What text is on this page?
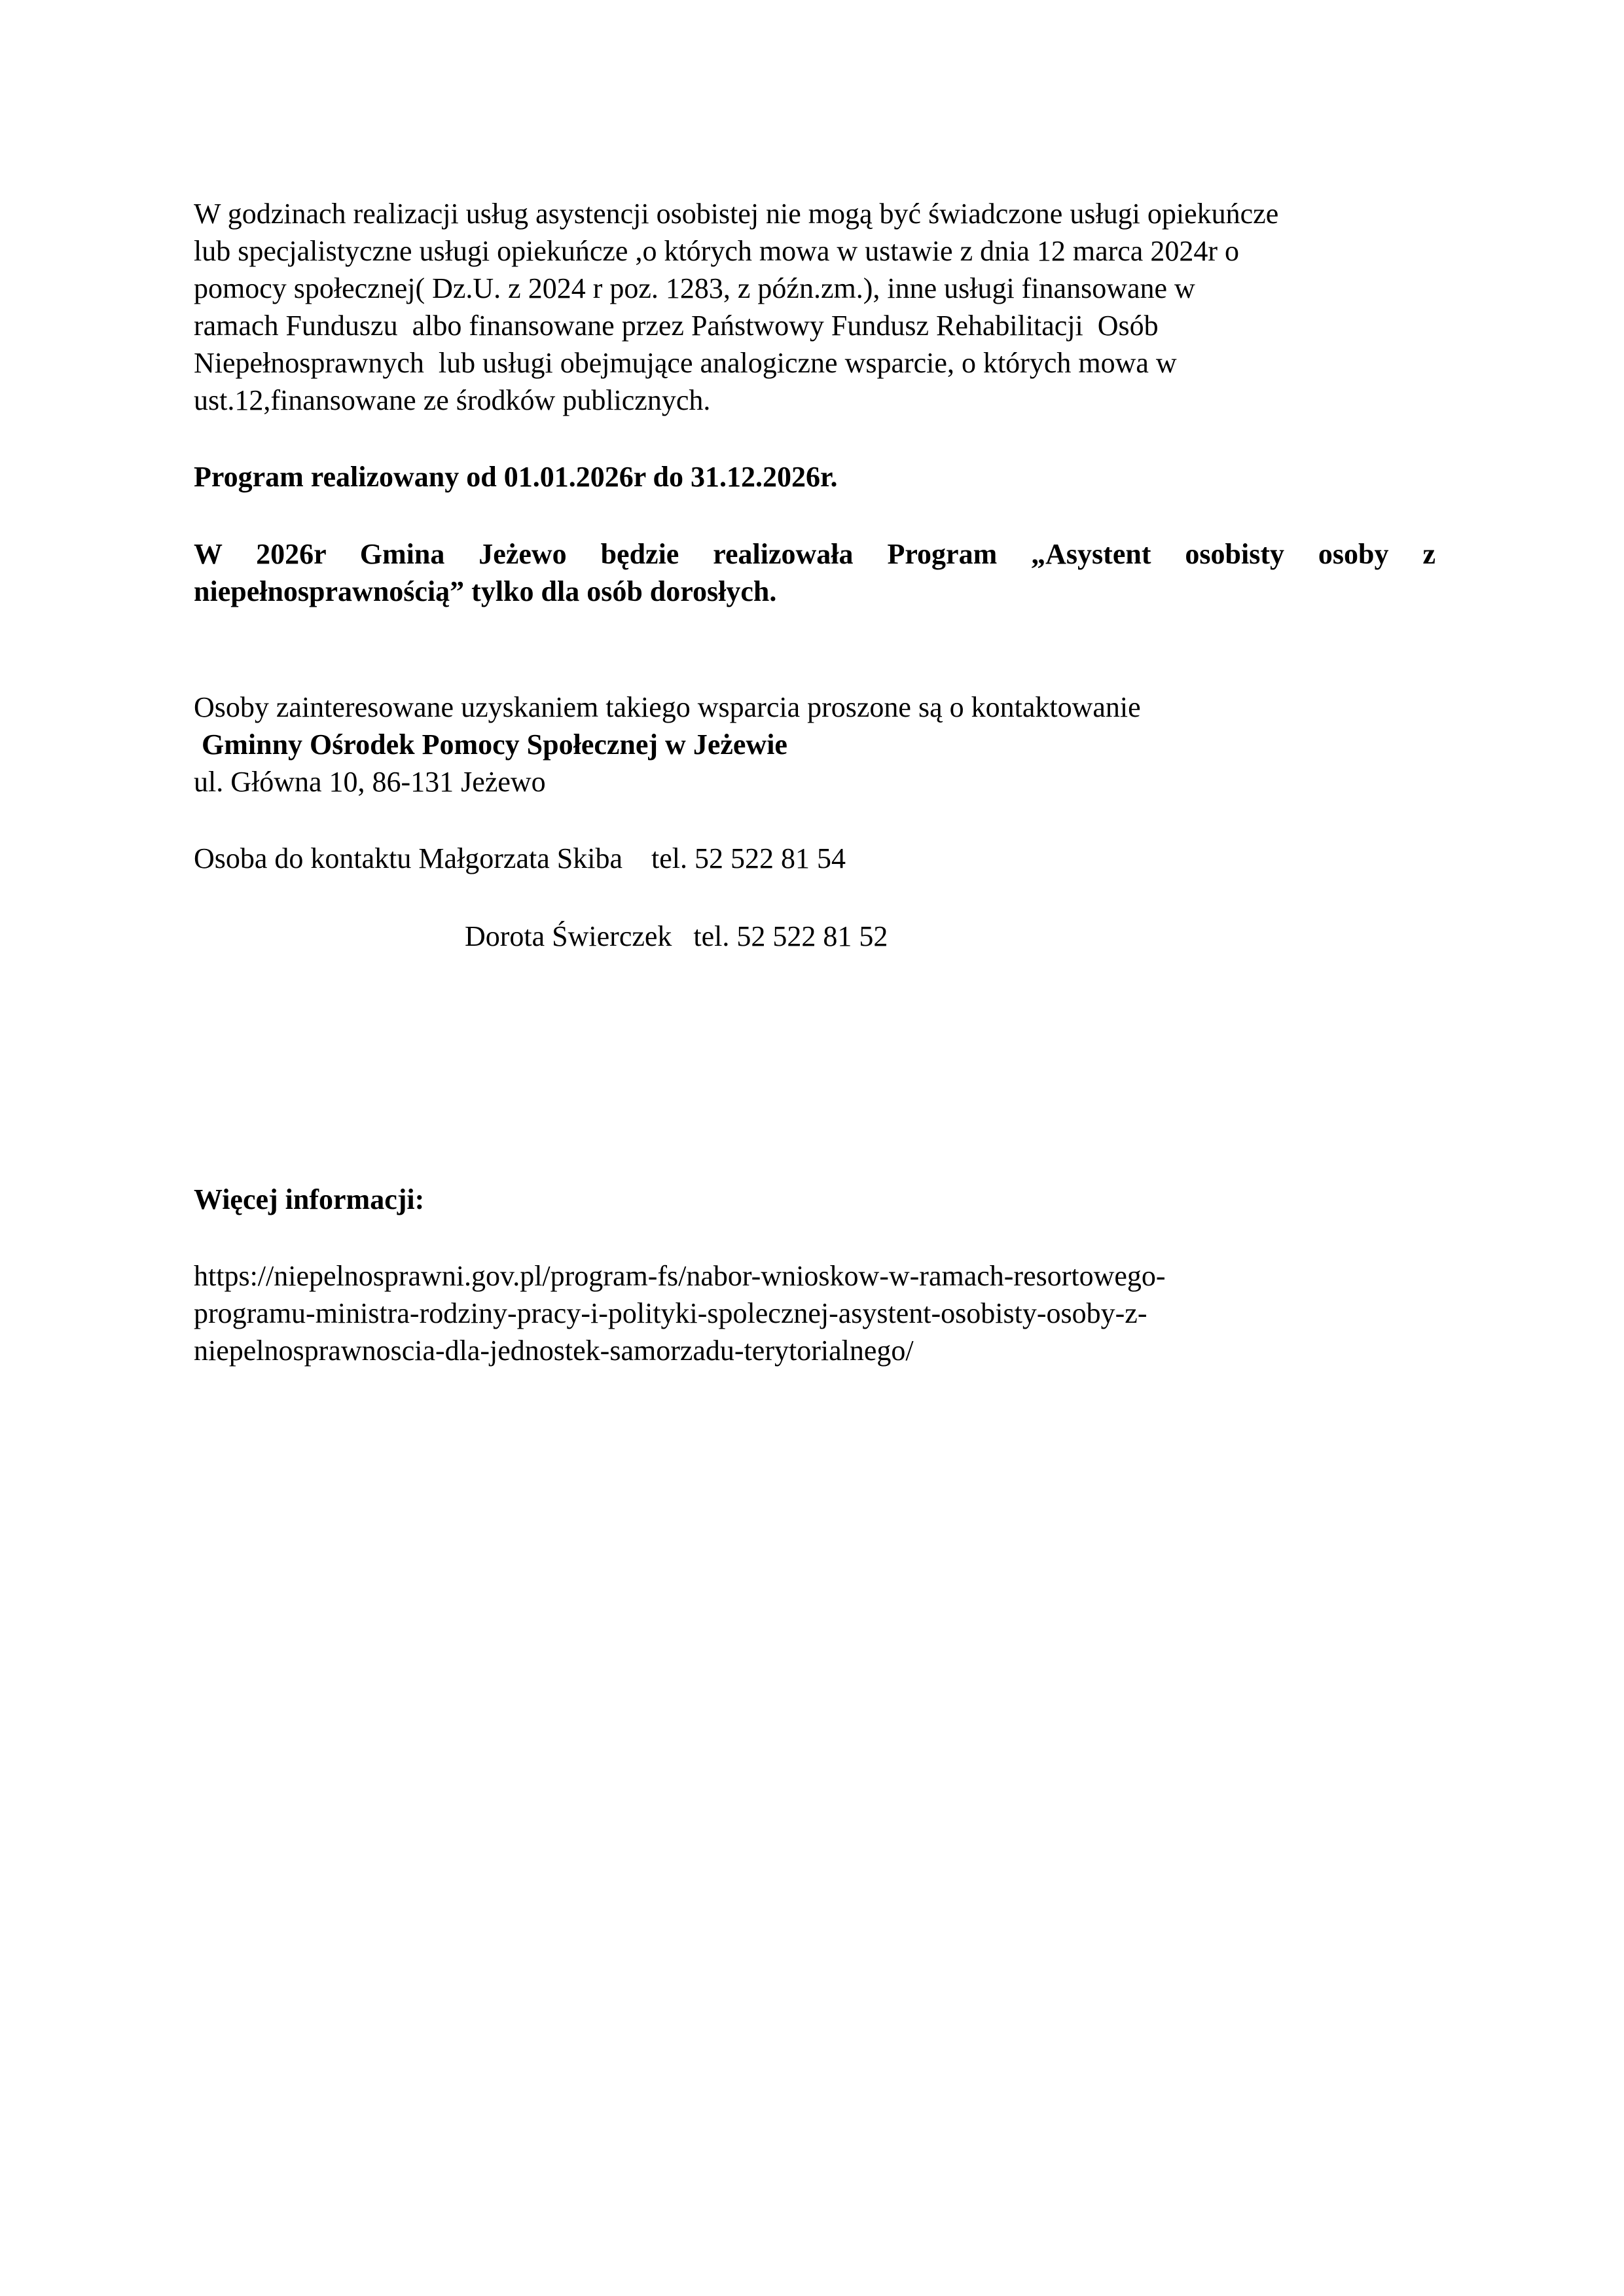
W godzinach realizacji usług asystencji osobistej nie mogą być świadczone usługi opiekuńcze
lub specjalistyczne usługi opiekuńcze ,o których mowa w ustawie z dnia 12 marca 2024r o
pomocy społecznej( Dz.U. z 2024 r poz. 1283, z późn.zm.), inne usługi finansowane w
ramach Funduszu  albo finansowane przez Państwowy Fundusz Rehabilitacji  Osób
Niepełnosprawnych  lub usługi obejmujące analogiczne wsparcie, o których mowa w
ust.12,finansowane ze środków publicznych.
Program realizowany od 01.01.2026r do 31.12.2026r.
W 2026r Gmina Jeżewo będzie realizowała Program „Asystent osobisty osoby z
niepełnosprawnością” tylko dla osób dorosłych.
Osoby zainteresowane uzyskaniem takiego wsparcia proszone są o kontaktowanie
Gminny Ośrodek Pomocy Społecznej w Jeżewie
ul. Główna 10, 86-131 Jeżewo
Osoba do kontaktu Małgorzata Skiba    tel. 52 522 81 54
Dorota Świerczek   tel. 52 522 81 52
Więcej informacji:
https://niepelnosprawni.gov.pl/program-fs/nabor-wnioskow-w-ramach-resortowego-
programu-ministra-rodziny-pracy-i-polityki-spolecznej-asystent-osobisty-osoby-z-
niepelnosprawnoscia-dla-jednostek-samorzadu-terytorialnego/
